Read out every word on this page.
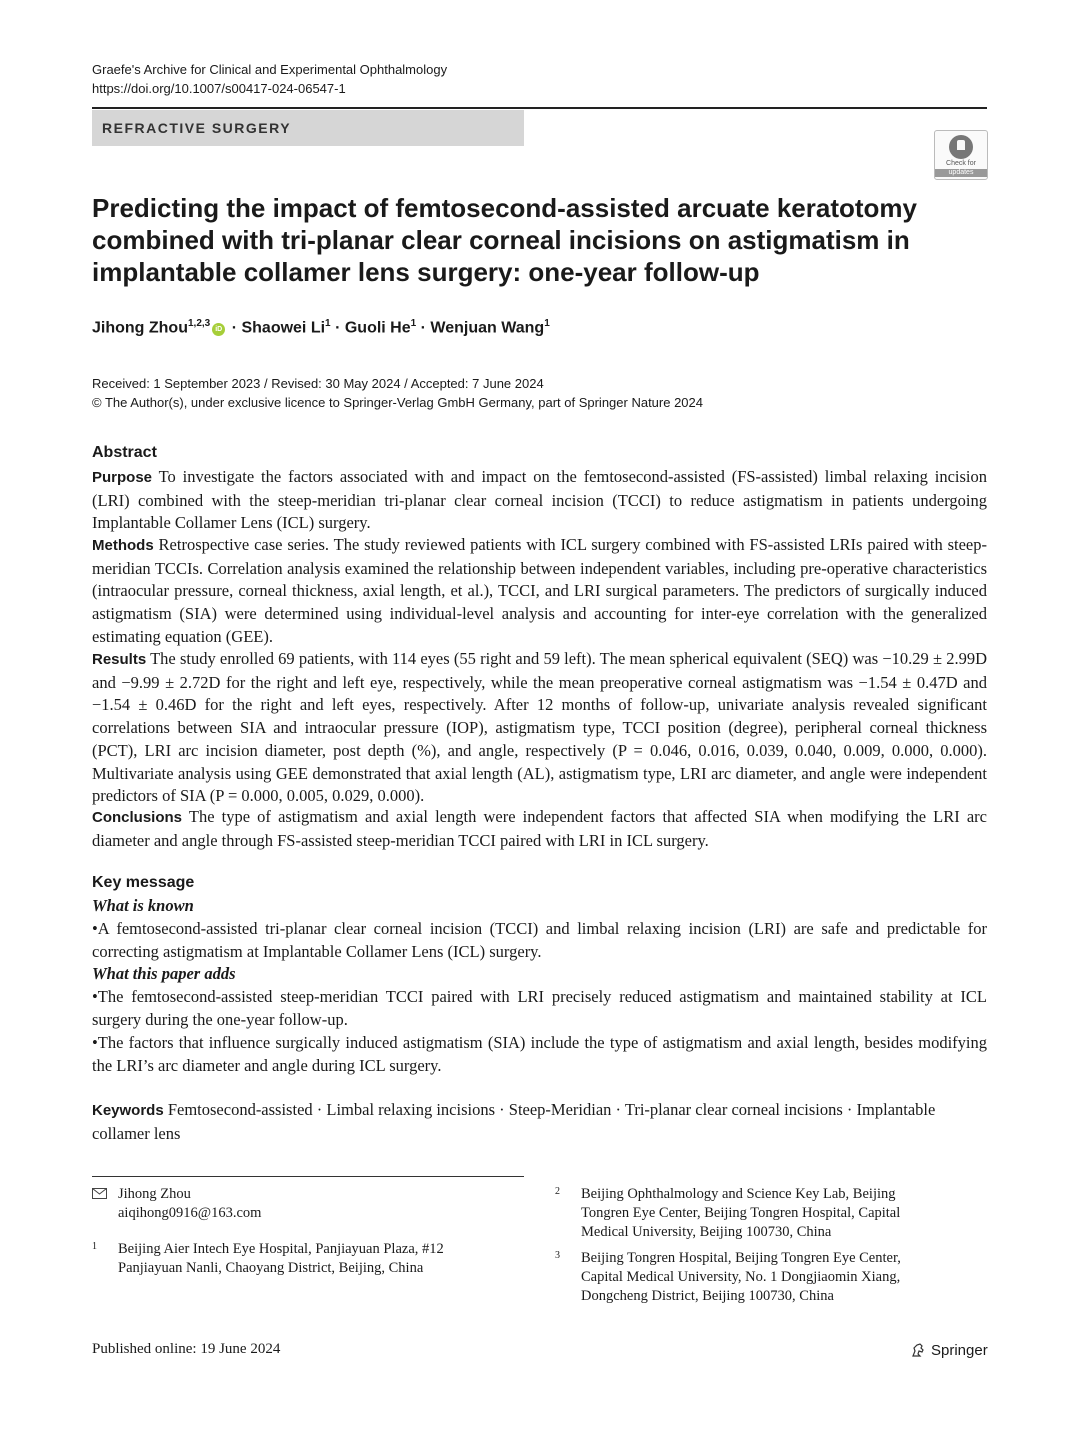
Graefe's Archive for Clinical and Experimental Ophthalmology
https://doi.org/10.1007/s00417-024-06547-1
REFRACTIVE SURGERY
Check for
updates
Predicting the impact of femtosecond-assisted arcuate keratotomy combined with tri-planar clear corneal incisions on astigmatism in implantable collamer lens surgery: one-year follow-up
Jihong Zhou$^{1,2,3}$iD · Shaowei $Li^1$ · Guoli $He^1$ · Wenjuan Wang$^1$
Received: 1 September 2023 / Revised: 30 May 2024 / Accepted: 7 June 2024
© The Author(s), under exclusive licence to Springer-Verlag GmbH Germany, part of Springer Nature 2024
Abstract
Purpose To investigate the factors associated with and impact on the femtosecond-assisted (FS-assisted) limbal relaxing incision (LRI) combined with the steep-meridian tri-planar clear corneal incision (TCCI) to reduce astigmatism in patients undergoing Implantable Collamer Lens (ICL) surgery.
Methods Retrospective case series. The study reviewed patients with ICL surgery combined with FS-assisted LRIs paired with steep-meridian TCCIs. Correlation analysis examined the relationship between independent variables, including pre-operative characteristics (intraocular pressure, corneal thickness, axial length, et al.), TCCI, and LRI surgical parameters. The predictors of surgically induced astigmatism (SIA) were determined using individual-level analysis and accounting for inter-eye correlation with the generalized estimating equation (GEE).
Results The study enrolled 69 patients, with 114 eyes (55 right and 59 left). The mean spherical equivalent (SEQ) was −10.29 ± 2.99D and −9.99 ± 2.72D for the right and left eye, respectively, while the mean preoperative corneal astigmatism was −1.54 ± 0.47D and −1.54 ± 0.46D for the right and left eyes, respectively. After 12 months of follow-up, univariate analysis revealed significant correlations between SIA and intraocular pressure (IOP), astigmatism type, TCCI position (degree), peripheral corneal thickness (PCT), LRI arc incision diameter, post depth (%), and angle, respectively (P = 0.046, 0.016, 0.039, 0.040, 0.009, 0.000, 0.000). Multivariate analysis using GEE demonstrated that axial length (AL), astigmatism type, LRI arc diameter, and angle were independent predictors of SIA (P = 0.000, 0.005, 0.029, 0.000).
Conclusions The type of astigmatism and axial length were independent factors that affected SIA when modifying the LRI arc diameter and angle through FS-assisted steep-meridian TCCI paired with LRI in ICL surgery.
Key message
What is known
•A femtosecond-assisted tri-planar clear corneal incision (TCCI) and limbal relaxing incision (LRI) are safe and predictable for correcting astigmatism at Implantable Collamer Lens (ICL) surgery.
What this paper adds
•The femtosecond-assisted steep-meridian TCCI paired with LRI precisely reduced astigmatism and maintained stability at ICL surgery during the one-year follow-up.
•The factors that influence surgically induced astigmatism (SIA) include the type of astigmatism and axial length, besides modifying the LRI’s arc diameter and angle during ICL surgery.
Keywords Femtosecond-assisted · Limbal relaxing incisions · Steep-Meridian · Tri-planar clear corneal incisions · Implantable collamer lens
Jihong Zhou
aiqihong0916@163.com
1	Beijing Aier Intech Eye Hospital, Panjiayuan Plaza, #12
Panjiayuan Nanli, Chaoyang District, Beijing, China
2	Beijing Ophthalmology and Science Key Lab, Beijing
Tongren Eye Center, Beijing Tongren Hospital, Capital
Medical University, Beijing 100730, China
3	Beijing Tongren Hospital, Beijing Tongren Eye Center,
Capital Medical University, No. 1 Dongjiaomin Xiang,
Dongcheng District, Beijing 100730, China
Published online: 19 June 2024	Springer
